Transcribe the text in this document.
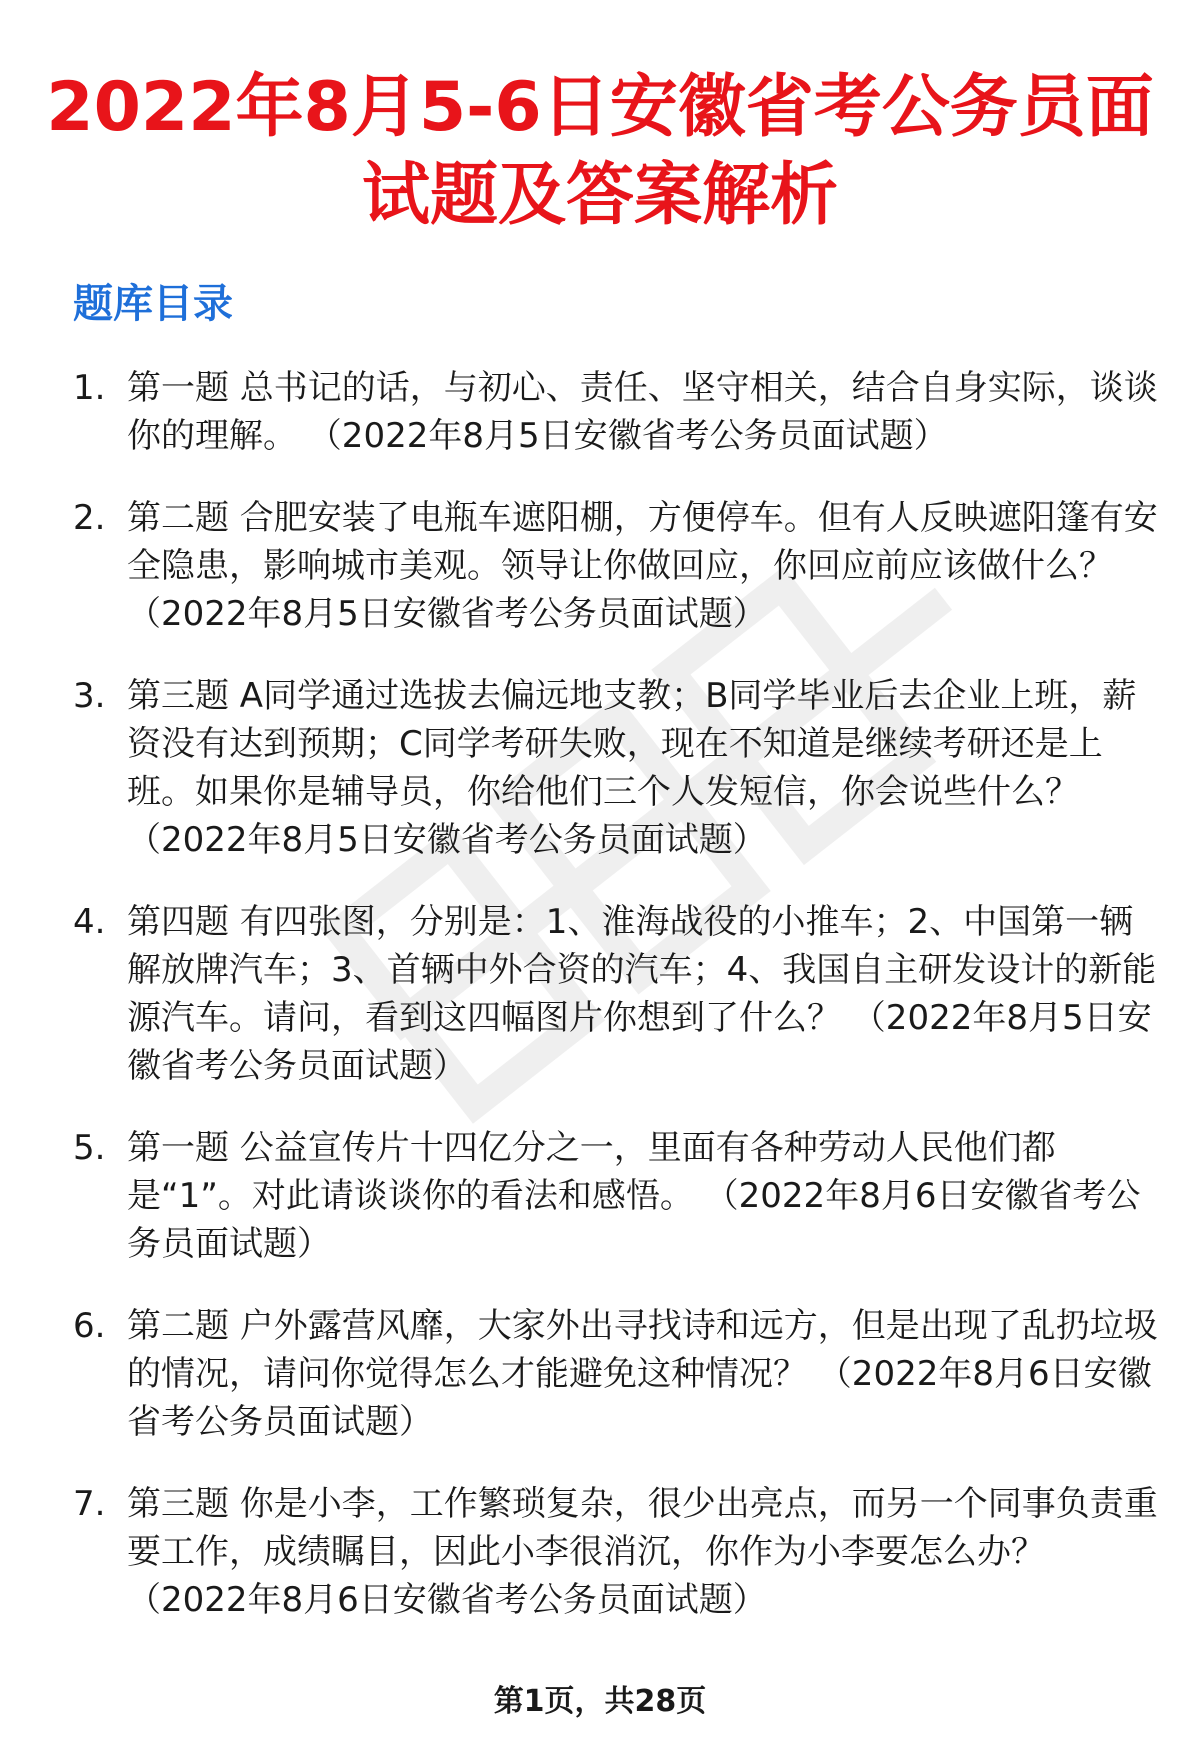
2022年8月5-6日安徽省考公务员面试题及答案解析
题库目录
1. 第一题 总书记的话，与初心、责任、坚守相关，结合自身实际，谈谈你的理解。 （2022年8月5日安徽省考公务员面试题）
2. 第二题 合肥安装了电瓶车遮阳棚，方便停车。但有人反映遮阳篷有安全隐患，影响城市美观。领导让你做回应，你回应前应该做什么？ （2022年8月5日安徽省考公务员面试题）
3. 第三题 A同学通过选拔去偏远地支教；B同学毕业后去企业上班，薪资没有达到预期；C同学考研失败，现在不知道是继续考研还是上班。如果你是辅导员，你给他们三个人发短信，你会说些什么？ （2022年8月5日安徽省考公务员面试题）
4. 第四题 有四张图，分别是：1、淮海战役的小推车；2、中国第一辆解放牌汽车；3、首辆中外合资的汽车；4、我国自主研发设计的新能源汽车。请问，看到这四幅图片你想到了什么？ （2022年8月5日安徽省考公务员面试题）
5. 第一题 公益宣传片十四亿分之一，里面有各种劳动人民他们都是“1”。对此请谈谈你的看法和感悟。 （2022年8月6日安徽省考公务员面试题）
6. 第二题 户外露营风靡，大家外出寻找诗和远方，但是出现了乱扔垃圾的情况，请问你觉得怎么才能避免这种情况？ （2022年8月6日安徽省考公务员面试题）
7. 第三题 你是小李，工作繁琐复杂，很少出亮点，而另一个同事负责重要工作，成绩瞩目，因此小李很消沉，你作为小李要怎么办？ （2022年8月6日安徽省考公务员面试题）
第1页，共28页
